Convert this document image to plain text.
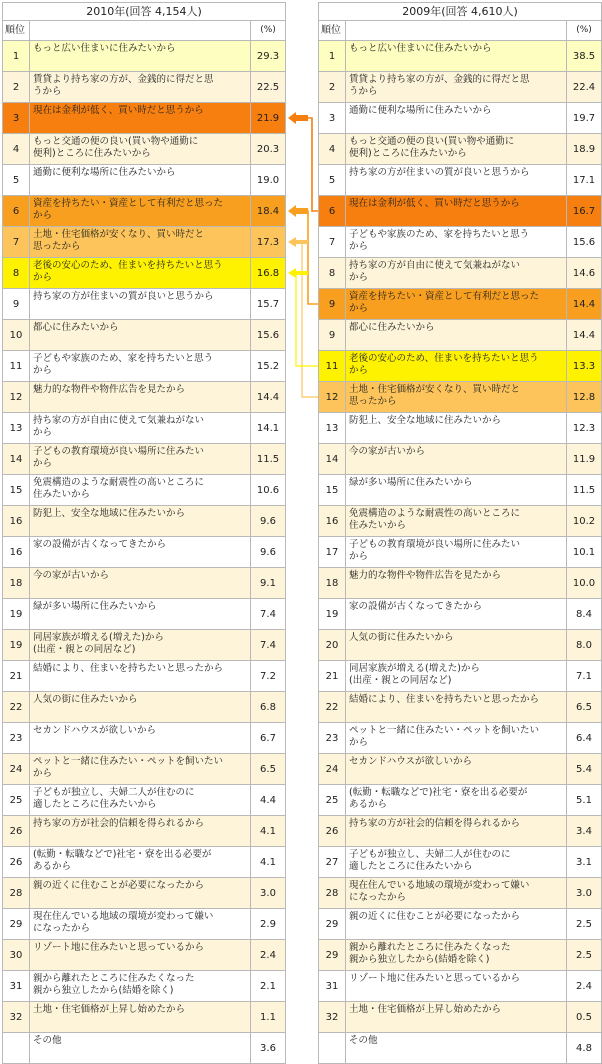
2010年(回答 4,154人)		
順位		(%)
1	もっと広い住まいに住みたいから	29.3
2	賃貸より持ち家の方が、金銭的に得だと思
うから	22.5
3	現在は金利が低く、買い時だと思うから	21.9
4	もっと交通の便の良い(買い物や通勤に
便利)ところに住みたいから	20.3
5	通勤に便利な場所に住みたいから	19.0
6	資産を持ちたい・資産として有利だと思った
から	18.4
7	土地・住宅価格が安くなり、買い時だと
思ったから	17.3
8	老後の安心のため、住まいを持ちたいと思う
から	16.8
9	持ち家の方が住まいの質が良いと思うから	15.7
10	都心に住みたいから	15.6
11	子どもや家族のため、家を持ちたいと思う
から	15.2
12	魅力的な物件や物件広告を見たから	14.4
13	持ち家の方が自由に使えて気兼ねがない
から	14.1
14	子どもの教育環境が良い場所に住みたい
から	11.5
15	免震構造のような耐震性の高いところに
住みたいから	10.6
16	防犯上、安全な地域に住みたいから	9.6
16	家の設備が古くなってきたから	9.6
18	今の家が古いから	9.1
19	緑が多い場所に住みたいから	7.4
19	同居家族が増える(増えた)から
(出産・親との同居など)	7.4
21	結婚により、住まいを持ちたいと思ったから	7.2
22	人気の街に住みたいから	6.8
23	セカンドハウスが欲しいから	6.7
24	ペットと一緒に住みたい・ペットを飼いたい
から	6.5
25	子どもが独立し、夫婦二人が住むのに
適したところに住みたいから	4.4
26	持ち家の方が社会的信頼を得られるから	4.1
26	(転勤・転職などで)社宅・寮を出る必要が
あるから	4.1
28	親の近くに住むことが必要になったから	3.0
29	現在住んでいる地域の環境が変わって嫌い
になったから	2.9
30	リゾート地に住みたいと思っているから	2.4
31	親から離れたところに住みたくなった
親から独立したから(結婚を除く)	2.1
32	土地・住宅価格が上昇し始めたから	1.1
	その他	3.6
2009年(回答 4,610人)		
順位		(%)
1	もっと広い住まいに住みたいから	38.5
2	賃貸より持ち家の方が、金銭的に得だと思
うから	22.4
3	通勤に便利な場所に住みたいから	19.7
4	もっと交通の便の良い(買い物や通勤に
便利)ところに住みたいから	18.9
5	持ち家の方が住まいの質が良いと思うから	17.1
6	現在は金利が低く、買い時だと思うから	16.7
7	子どもや家族のため、家を持ちたいと思う
から	15.6
8	持ち家の方が自由に使えて気兼ねがない
から	14.6
9	資産を持ちたい・資産として有利だと思った
から	14.4
9	都心に住みたいから	14.4
11	老後の安心のため、住まいを持ちたいと思う
から	13.3
12	土地・住宅価格が安くなり、買い時だと
思ったから	12.8
13	防犯上、安全な地域に住みたいから	12.3
14	今の家が古いから	11.9
15	緑が多い場所に住みたいから	11.5
16	免震構造のような耐震性の高いところに
住みたいから	10.2
17	子どもの教育環境が良い場所に住みたい
から	10.1
18	魅力的な物件や物件広告を見たから	10.0
19	家の設備が古くなってきたから	8.4
20	人気の街に住みたいから	8.0
21	同居家族が増える(増えた)から
(出産・親との同居など)	7.1
22	結婚により、住まいを持ちたいと思ったから	6.5
23	ペットと一緒に住みたい・ペットを飼いたい
から	6.4
24	セカンドハウスが欲しいから	5.4
25	(転勤・転職などで)社宅・寮を出る必要が
あるから	5.1
26	持ち家の方が社会的信頼を得られるから	3.4
27	子どもが独立し、夫婦二人が住むのに
適したところに住みたいから	3.1
28	現在住んでいる地域の環境が変わって嫌い
になったから	3.0
29	親の近くに住むことが必要になったから	2.5
29	親から離れたところに住みたくなった
親から独立したから(結婚を除く)	2.5
31	リゾート地に住みたいと思っているから	2.4
32	土地・住宅価格が上昇し始めたから	0.5
	その他	4.8
